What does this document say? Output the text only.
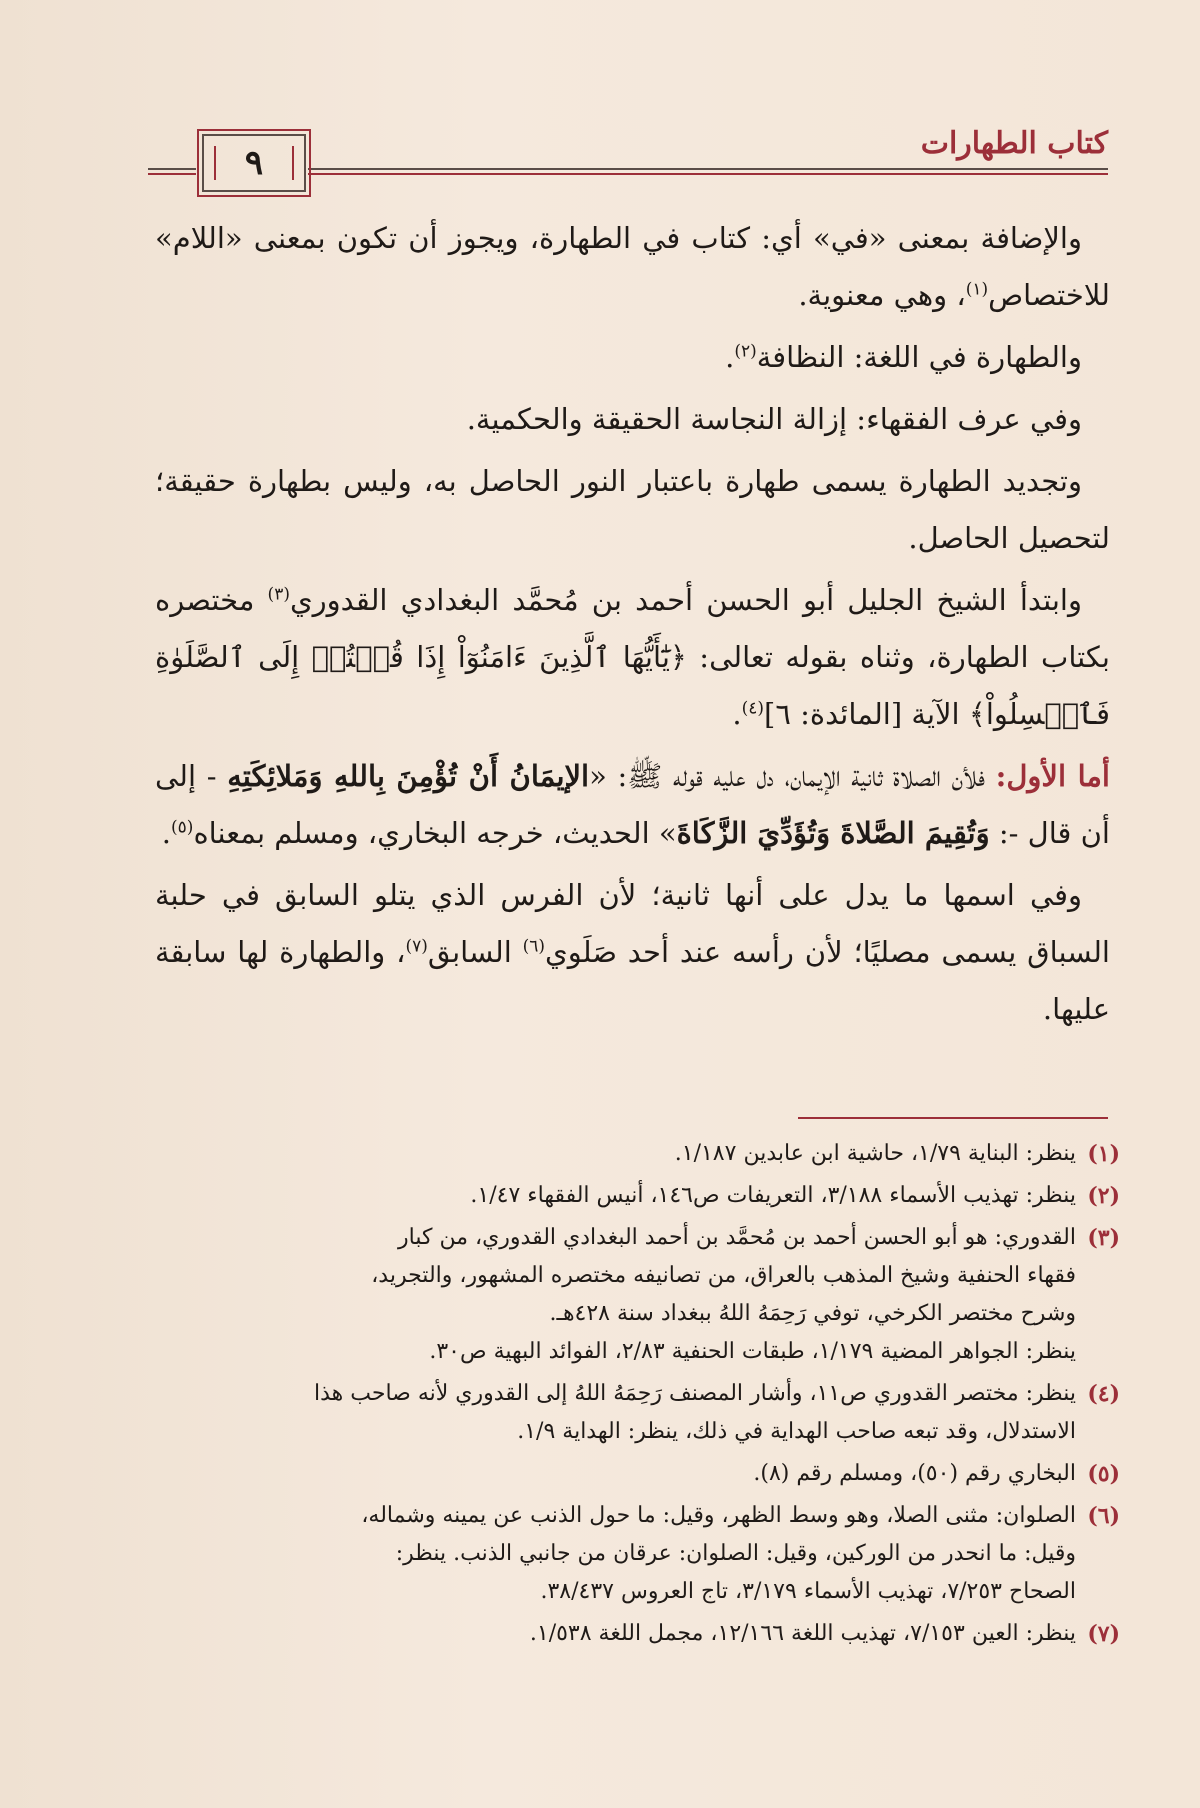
كتاب الطهارات
٩

والإضافة بمعنى «في» أي: كتاب في الطهارة، ويجوز أن تكون بمعنى «اللام» للاختصاص$^{(١)}$، وهي معنوية.

والطهارة في اللغة: النظافة$^{(٢)}$.

وفي عرف الفقهاء: إزالة النجاسة الحقيقة والحكمية.

وتجديد الطهارة يسمى طهارة باعتبار النور الحاصل به، وليس بطهارة حقيقة؛ لتحصيل الحاصل.

وابتدأ الشيخ الجليل أبو الحسن أحمد بن مُحمَّد البغدادي القدوري$^{(٣)}$ مختصره بكتاب الطهارة، وثناه بقوله تعالى: ﴿يَٰٓأَيُّهَا ٱلَّذِينَ ءَامَنُوٓاْ إِذَا قُمۡتُمۡ إِلَى ٱلصَّلَوٰةِ فَٱغۡسِلُواْ﴾ الآية [المائدة: ٦]$^{(٤)}$.

أما الأول: فلأن الصلاة ثانية الإيمان، دل عليه قوله ﷺ: «الإيمَانُ أَنْ تُؤْمِنَ بِاللهِ وَمَلائِكَتِهِ - إلى أن قال -: وَتُقِيمَ الصَّلاةَ وَتُؤَدِّيَ الزَّكَاةَ» الحديث، خرجه البخاري، ومسلم بمعناه$^{(٥)}$.

وفي اسمها ما يدل على أنها ثانية؛ لأن الفرس الذي يتلو السابق في حلبة السباق يسمى مصليًا؛ لأن رأسه عند أحد صَلَوي$^{(٦)}$ السابق$^{(٧)}$، والطهارة لها سابقة عليها.

(١)
ينظر: البناية ١/٧٩، حاشية ابن عابدين ١/١٨٧.
(٢)
ينظر: تهذيب الأسماء ٣/١٨٨، التعريفات ص١٤٦، أنيس الفقهاء ١/٤٧.
(٣)
القدوري: هو أبو الحسن أحمد بن مُحمَّد بن أحمد البغدادي القدوري، من كبار
فقهاء الحنفية وشيخ المذهب بالعراق، من تصانيفه مختصره المشهور، والتجريد،
وشرح مختصر الكرخي، توفي رَحِمَهُ اللهُ ببغداد سنة ٤٢٨هـ.
ينظر: الجواهر المضية ١/١٧٩، طبقات الحنفية ٢/٨٣، الفوائد البهية ص٣٠.
(٤)
ينظر: مختصر القدوري ص١١، وأشار المصنف رَحِمَهُ اللهُ إلى القدوري لأنه صاحب هذا
الاستدلال، وقد تبعه صاحب الهداية في ذلك، ينظر: الهداية ١/٩.
(٥)
البخاري رقم (٥٠)، ومسلم رقم (٨).
(٦)
الصلوان: مثنى الصلا، وهو وسط الظهر، وقيل: ما حول الذنب عن يمينه وشماله،
وقيل: ما انحدر من الوركين، وقيل: الصلوان: عرقان من جانبي الذنب. ينظر:
الصحاح ٧/٢٥٣، تهذيب الأسماء ٣/١٧٩، تاج العروس ٣٨/٤٣٧.
(٧)
ينظر: العين ٧/١٥٣، تهذيب اللغة ١٢/١٦٦، مجمل اللغة ١/٥٣٨.
